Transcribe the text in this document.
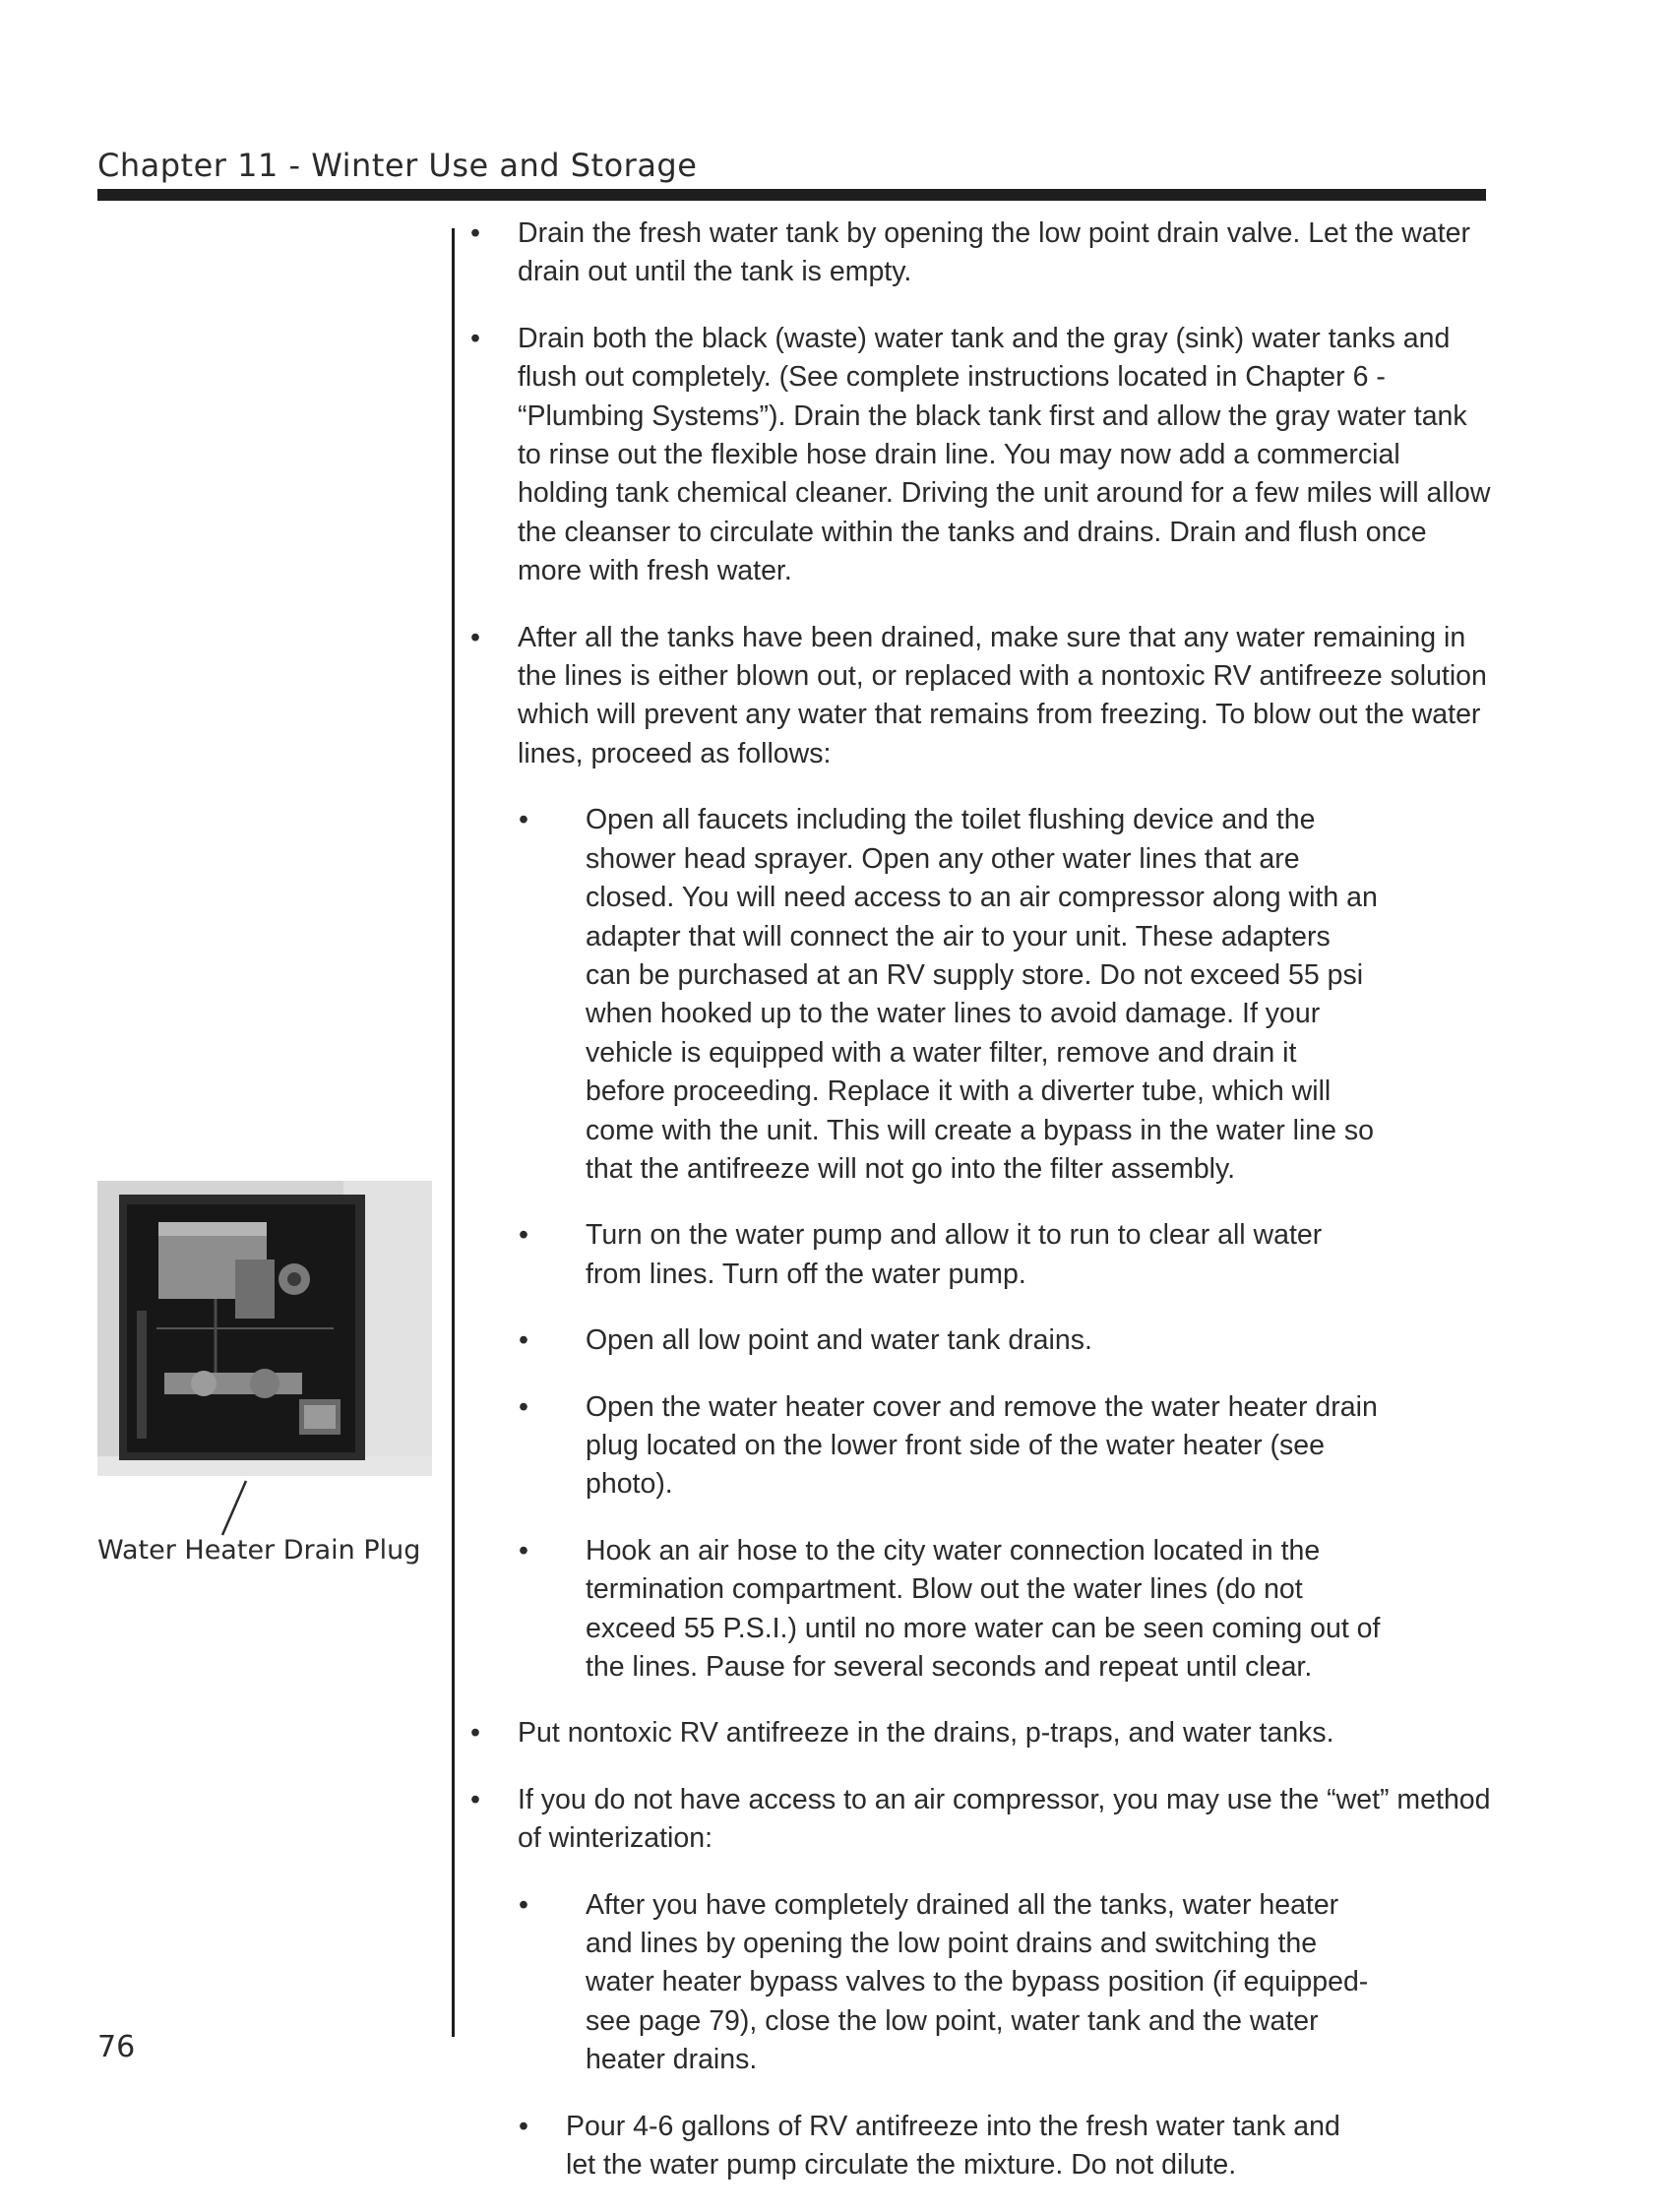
Chapter 11 - Winter Use and Storage
• Drain the fresh water tank by opening the low point drain valve. Let the water drain out until the tank is empty.
• Drain both the black (waste) water tank and the gray (sink) water tanks and flush out completely. (See complete instructions located in Chapter 6 - “Plumbing Systems”). Drain the black tank first and allow the gray water tank to rinse out the flexible hose drain line. You may now add a commercial holding tank chemical cleaner. Driving the unit around for a few miles will allow the cleanser to circulate within the tanks and drains. Drain and flush once more with fresh water.
• After all the tanks have been drained, make sure that any water remaining in the lines is either blown out, or replaced with a nontoxic RV antifreeze solution which will prevent any water that remains from freezing. To blow out the water lines, proceed as follows:
• Open all faucets including the toilet flushing device and the shower head sprayer. Open any other water lines that are closed. You will need access to an air compressor along with an adapter that will connect the air to your unit. These adapters can be purchased at an RV supply store. Do not exceed 55 psi when hooked up to the water lines to avoid damage. If your vehicle is equipped with a water filter, remove and drain it before proceeding. Replace it with a diverter tube, which will come with the unit. This will create a bypass in the water line so that the antifreeze will not go into the filter assembly.
• Turn on the water pump and allow it to run to clear all water from lines. Turn off the water pump.
• Open all low point and water tank drains.
• Open the water heater cover and remove the water heater drain plug located on the lower front side of the water heater (see photo).
• Hook an air hose to the city water connection located in the termination compartment. Blow out the water lines (do not exceed 55 P.S.I.) until no more water can be seen coming out of the lines. Pause for several seconds and repeat until clear.
• Put nontoxic RV antifreeze in the drains, p-traps, and water tanks.
• If you do not have access to an air compressor, you may use the “wet” method of winterization:
• After you have completely drained all the tanks, water heater and lines by opening the low point drains and switching the water heater bypass valves to the bypass position (if equipped-see page 79), close the low point, water tank and the water heater drains.
• Pour 4-6 gallons of RV antifreeze into the fresh water tank and let the water pump circulate the mixture. Do not dilute.
Water Heater Drain Plug
76
